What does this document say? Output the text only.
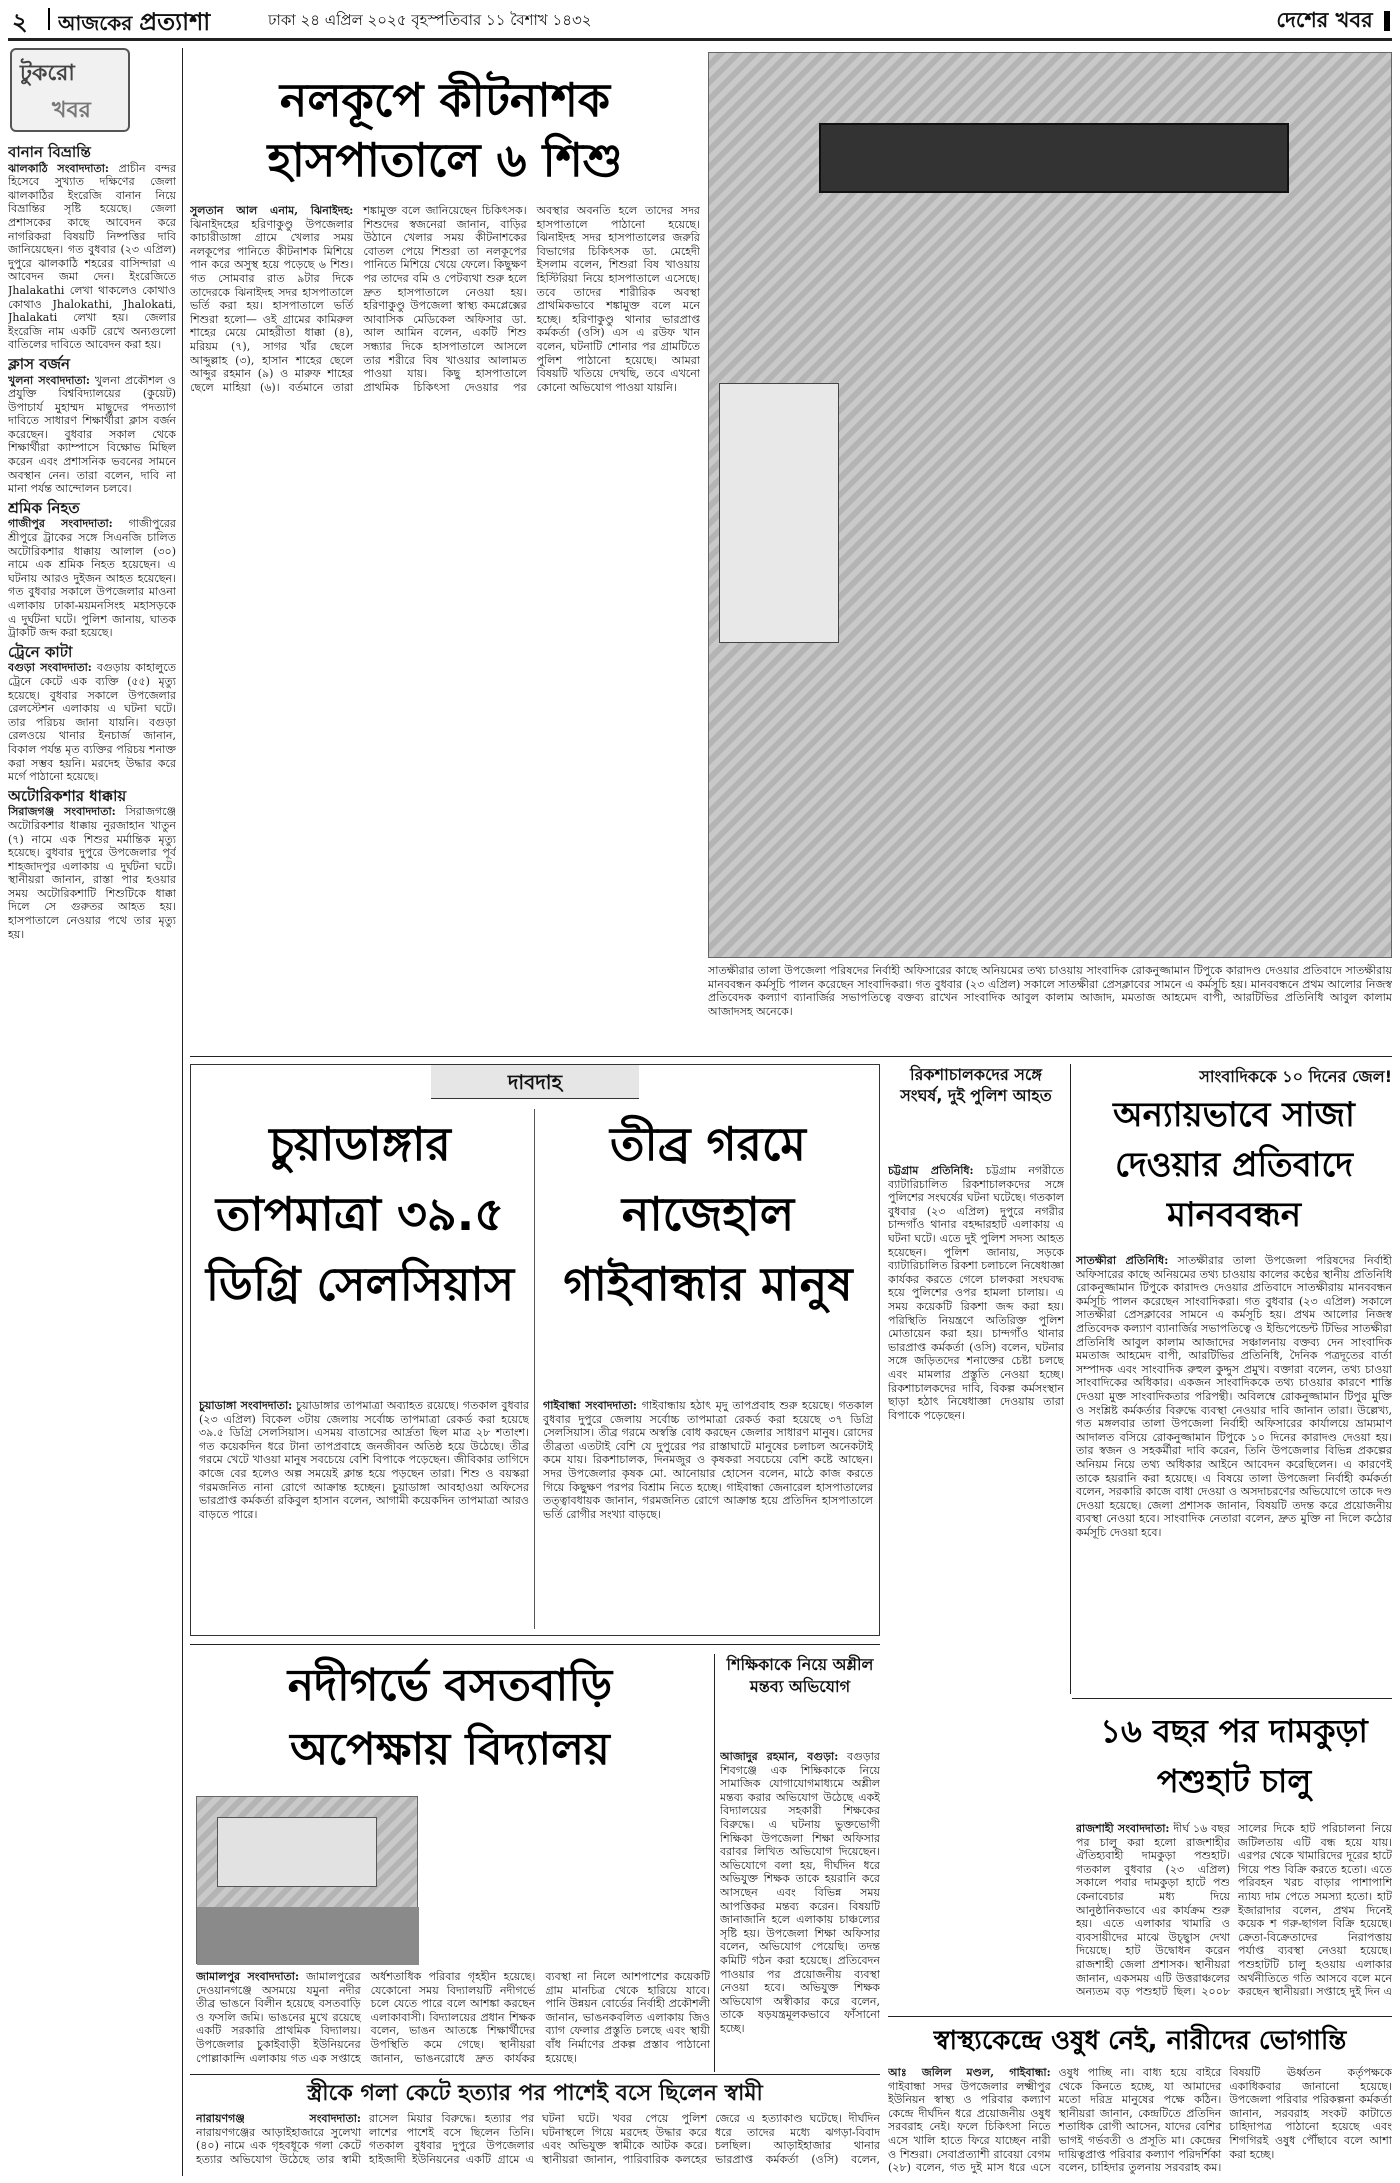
২	আজকের প্রত্যাশা	ঢাকা ২৪ এপ্রিল ২০২৫ বৃহস্পতিবার ১১ বৈশাখ ১৪৩২	দেশের খবর
টুকরো
খবর
বানান বিভ্রান্তি

ঝালকাঠি সংবাদদাতা: প্রাচীন বন্দর হিসেবে সুখ্যাত দক্ষিণের জেলা ঝালকাঠির ইংরেজি বানান নিয়ে বিভ্রান্তির সৃষ্টি হয়েছে। জেলা প্রশাসকের কাছে আবেদন করে নাগরিকরা বিষয়টি নিষ্পত্তির দাবি জানিয়েছেন। গত বুধবার (২৩ এপ্রিল) দুপুরে ঝালকাঠি শহরের বাসিন্দারা এ আবেদন জমা দেন। ইংরেজিতে Jhalakathi লেখা থাকলেও কোথাও কোথাও Jhalokathi, Jhalokati, Jhalakati লেখা হয়। জেলার ইংরেজি নাম একটি রেখে অন্যগুলো বাতিলের দাবিতে আবেদন করা হয়।

ক্লাস বর্জন

খুলনা সংবাদদাতা: খুলনা প্রকৌশল ও প্রযুক্তি বিশ্ববিদ্যালয়ের (কুয়েট) উপাচার্য মুহাম্মদ মাছুদের পদত্যাগ দাবিতে সাধারণ শিক্ষার্থীরা ক্লাস বর্জন করেছেন। বুধবার সকাল থেকে শিক্ষার্থীরা ক্যাম্পাসে বিক্ষোভ মিছিল করেন এবং প্রশাসনিক ভবনের সামনে অবস্থান নেন। তারা বলেন, দাবি না মানা পর্যন্ত আন্দোলন চলবে।

শ্রমিক নিহত

গাজীপুর সংবাদদাতা: গাজীপুরের শ্রীপুরে ট্রাকের সঙ্গে সিএনজি চালিত অটোরিকশার ধাক্কায় আলাল (৩০) নামে এক শ্রমিক নিহত হয়েছেন। এ ঘটনায় আরও দুইজন আহত হয়েছেন। গত বুধবার সকালে উপজেলার মাওনা এলাকায় ঢাকা-ময়মনসিংহ মহাসড়কে এ দুর্ঘটনা ঘটে। পুলিশ জানায়, ঘাতক ট্রাকটি জব্দ করা হয়েছে।

ট্রেনে কাটা

বগুড়া সংবাদদাতা: বগুড়ায় কাহালুতে ট্রেনে কেটে এক ব্যক্তি (৫৫) মৃত্যু হয়েছে। বুধবার সকালে উপজেলার রেলস্টেশন এলাকায় এ ঘটনা ঘটে। তার পরিচয় জানা যায়নি। বগুড়া রেলওয়ে থানার ইনচার্জ জানান, বিকাল পর্যন্ত মৃত ব্যক্তির পরিচয় শনাক্ত করা সম্ভব হয়নি। মরদেহ উদ্ধার করে মর্গে পাঠানো হয়েছে।

অটোরিকশার ধাক্কায়

সিরাজগঞ্জ সংবাদদাতা: সিরাজগঞ্জে অটোরিকশার ধাক্কায় নুরজাহান খাতুন (৭) নামে এক শিশুর মর্মান্তিক মৃত্যু হয়েছে। বুধবার দুপুরে উপজেলার পূর্ব শাহজাদপুর এলাকায় এ দুর্ঘটনা ঘটে। স্থানীয়রা জানান, রাস্তা পার হওয়ার সময় অটোরিকশাটি শিশুটিকে ধাক্কা দিলে সে গুরুতর আহত হয়। হাসপাতালে নেওয়ার পথে তার মৃত্যু হয়।

নলকূপে কীটনাশক
হাসপাতালে ৬ শিশু

সুলতান আল এনাম, ঝিনাইদহ: ঝিনাইদহের হরিণাকুণ্ডু উপজেলার কাচারীডাঙ্গা গ্রামে খেলার সময় নলকূপের পানিতে কীটনাশক মিশিয়ে পান করে অসুস্থ হয়ে পড়েছে ৬ শিশু। গত সোমবার রাত ৯টার দিকে তাদেরকে ঝিনাইদহ সদর হাসপাতালে ভর্তি করা হয়। হাসপাতালে ভর্তি শিশুরা হলো— ওই গ্রামের কামিরুল শাহের মেয়ে মোহরীতা ধাক্কা (৪), মরিয়ম (৭), সাগর খাঁর ছেলে আব্দুল্লাহ (৩), হাসান শাহের ছেলে আব্দুর রহমান (৯) ও মারুফ শাহের ছেলে মাহিয়া (৬)। বর্তমানে তারা শঙ্কামুক্ত বলে জানিয়েছেন চিকিৎসক। শিশুদের স্বজনেরা জানান, বাড়ির উঠানে খেলার সময় কীটনাশকের বোতল পেয়ে শিশুরা তা নলকূপের পানিতে মিশিয়ে খেয়ে ফেলে। কিছুক্ষণ পর তাদের বমি ও পেটব্যথা শুরু হলে দ্রুত হাসপাতালে নেওয়া হয়। হরিণাকুণ্ডু উপজেলা স্বাস্থ্য কমপ্লেক্সের আবাসিক মেডিকেল অফিসার ডা. আল আমিন বলেন, একটি শিশু সন্ধ্যার দিকে হাসপাতালে আসলে তার শরীরে বিষ খাওয়ার আলামত পাওয়া যায়। কিছু হাসপাতালে প্রাথমিক চিকিৎসা দেওয়ার পর অবস্থার অবনতি হলে তাদের সদর হাসপাতালে পাঠানো হয়েছে। ঝিনাইদহ সদর হাসপাতালের জরুরি বিভাগের চিকিৎসক ডা. মেহেদী ইসলাম বলেন, শিশুরা বিষ খাওয়ায় হিস্টিরিয়া নিয়ে হাসপাতালে এসেছে। তবে তাদের শারীরিক অবস্থা প্রাথমিকভাবে শঙ্কামুক্ত বলে মনে হচ্ছে। হরিণাকুণ্ডু থানার ভারপ্রাপ্ত কর্মকর্তা (ওসি) এস এ রউফ খান বলেন, ঘটনাটি শোনার পর গ্রামটিতে পুলিশ পাঠানো হয়েছে। আমরা বিষয়টি খতিয়ে দেখছি, তবে এখনো কোনো অভিযোগ পাওয়া যায়নি।

সাতক্ষীরার তালা উপজেলা পরিষদের নির্বাহী অফিসারের কাছে অনিয়মের তথ্য চাওয়ায় সাংবাদিক রোকনুজ্জামান টিপুকে কারাদণ্ড দেওয়ার প্রতিবাদে সাতক্ষীরায় মানববন্ধন কর্মসূচি পালন করেছেন সাংবাদিকরা। গত বুধবার (২৩ এপ্রিল) সকালে সাতক্ষীরা প্রেসক্লাবের সামনে এ কর্মসূচি হয়। মানববন্ধনে প্রথম আলোর নিজস্ব প্রতিবেদক কল্যাণ ব্যানার্জির সভাপতিত্বে বক্তব্য রাখেন সাংবাদিক আবুল কালাম আজাদ, মমতাজ আহমেদ বাপী, আরটিভির প্রতিনিধি আবুল কালাম আজাদসহ অনেকে।
দাবদাহ
চুয়াডাঙ্গার তাপমাত্রা ৩৯.৫ ডিগ্রি সেলসিয়াস

চুয়াডাঙ্গা সংবাদদাতা: চুয়াডাঙ্গার তাপমাত্রা অব্যাহত রয়েছে। গতকাল বুধবার (২৩ এপ্রিল) বিকেল ৩টায় জেলায় সর্বোচ্চ তাপমাত্রা রেকর্ড করা হয়েছে ৩৯.৫ ডিগ্রি সেলসিয়াস। এসময় বাতাসের আর্দ্রতা ছিল মাত্র ২৮ শতাংশ। গত কয়েকদিন ধরে টানা তাপপ্রবাহে জনজীবন অতিষ্ঠ হয়ে উঠেছে। তীব্র গরমে খেটে খাওয়া মানুষ সবচেয়ে বেশি বিপাকে পড়েছেন। জীবিকার তাগিদে কাজে বের হলেও অল্প সময়েই ক্লান্ত হয়ে পড়ছেন তারা। শিশু ও বয়স্করা গরমজনিত নানা রোগে আক্রান্ত হচ্ছেন। চুয়াডাঙ্গা আবহাওয়া অফিসের ভারপ্রাপ্ত কর্মকর্তা রকিবুল হাসান বলেন, আগামী কয়েকদিন তাপমাত্রা আরও বাড়তে পারে।

তীব্র গরমে নাজেহাল গাইবান্ধার মানুষ

গাইবান্ধা সংবাদদাতা: গাইবান্ধায় হঠাৎ মৃদু তাপপ্রবাহ শুরু হয়েছে। গতকাল বুধবার দুপুরে জেলায় সর্বোচ্চ তাপমাত্রা রেকর্ড করা হয়েছে ৩৭ ডিগ্রি সেলসিয়াস। তীব্র গরমে অস্বস্তি বোধ করছেন জেলার সাধারণ মানুষ। রোদের তীব্রতা এতটাই বেশি যে দুপুরের পর রাস্তাঘাটে মানুষের চলাচল অনেকটাই কমে যায়। রিকশাচালক, দিনমজুর ও কৃষকরা সবচেয়ে বেশি কষ্টে আছেন। সদর উপজেলার কৃষক মো. আনোয়ার হোসেন বলেন, মাঠে কাজ করতে গিয়ে কিছুক্ষণ পরপর বিশ্রাম নিতে হচ্ছে। গাইবান্ধা জেনারেল হাসপাতালের তত্ত্বাবধায়ক জানান, গরমজনিত রোগে আক্রান্ত হয়ে প্রতিদিন হাসপাতালে ভর্তি রোগীর সংখ্যা বাড়ছে।

রিকশাচালকদের সঙ্গে সংঘর্ষ, দুই পুলিশ আহত

চট্টগ্রাম প্রতিনিধি: চট্টগ্রাম নগরীতে ব্যাটারিচালিত রিকশাচালকদের সঙ্গে পুলিশের সংঘর্ষের ঘটনা ঘটেছে। গতকাল বুধবার (২৩ এপ্রিল) দুপুরে নগরীর চান্দগাঁও থানার বহদ্দারহাট এলাকায় এ ঘটনা ঘটে। এতে দুই পুলিশ সদস্য আহত হয়েছেন। পুলিশ জানায়, সড়কে ব্যাটারিচালিত রিকশা চলাচলে নিষেধাজ্ঞা কার্যকর করতে গেলে চালকরা সংঘবদ্ধ হয়ে পুলিশের ওপর হামলা চালায়। এ সময় কয়েকটি রিকশা জব্দ করা হয়। পরিস্থিতি নিয়ন্ত্রণে অতিরিক্ত পুলিশ মোতায়েন করা হয়। চান্দগাঁও থানার ভারপ্রাপ্ত কর্মকর্তা (ওসি) বলেন, ঘটনার সঙ্গে জড়িতদের শনাক্তের চেষ্টা চলছে এবং মামলার প্রস্তুতি নেওয়া হচ্ছে। রিকশাচালকদের দাবি, বিকল্প কর্মসংস্থান ছাড়া হঠাৎ নিষেধাজ্ঞা দেওয়ায় তারা বিপাকে পড়েছেন।

সাংবাদিককে ১০ দিনের জেল!
অন্যায়ভাবে সাজা
দেওয়ার প্রতিবাদে
মানববন্ধন

সাতক্ষীরা প্রতিনিধি: সাতক্ষীরার তালা উপজেলা পরিষদের নির্বাহী অফিসারের কাছে অনিয়মের তথ্য চাওয়ায় কালের কণ্ঠের স্থানীয় প্রতিনিধি রোকনুজ্জামান টিপুকে কারাদণ্ড দেওয়ার প্রতিবাদে সাতক্ষীরায় মানববন্ধন কর্মসূচি পালন করেছেন সাংবাদিকরা। গত বুধবার (২৩ এপ্রিল) সকালে সাতক্ষীরা প্রেসক্লাবের সামনে এ কর্মসূচি হয়। প্রথম আলোর নিজস্ব প্রতিবেদক কল্যাণ ব্যানার্জির সভাপতিত্বে ও ইন্ডিপেন্ডেন্ট টিভির সাতক্ষীরা প্রতিনিধি আবুল কালাম আজাদের সঞ্চালনায় বক্তব্য দেন সাংবাদিক মমতাজ আহমেদ বাপী, আরটিভির প্রতিনিধি, দৈনিক পত্রদূতের বার্তা সম্পাদক এবং সাংবাদিক রুহুল কুদ্দুস প্রমুখ। বক্তারা বলেন, তথ্য চাওয়া সাংবাদিকের অধিকার। একজন সাংবাদিককে তথ্য চাওয়ার কারণে শাস্তি দেওয়া মুক্ত সাংবাদিকতার পরিপন্থী। অবিলম্বে রোকনুজ্জামান টিপুর মুক্তি ও সংশ্লিষ্ট কর্মকর্তার বিরুদ্ধে ব্যবস্থা নেওয়ার দাবি জানান তারা। উল্লেখ্য, গত মঙ্গলবার তালা উপজেলা নির্বাহী অফিসারের কার্যালয়ে ভ্রাম্যমাণ আদালত বসিয়ে রোকনুজ্জামান টিপুকে ১০ দিনের কারাদণ্ড দেওয়া হয়। তার স্বজন ও সহকর্মীরা দাবি করেন, তিনি উপজেলার বিভিন্ন প্রকল্পের অনিয়ম নিয়ে তথ্য অধিকার আইনে আবেদন করেছিলেন। এ কারণেই তাকে হয়রানি করা হয়েছে। এ বিষয়ে তালা উপজেলা নির্বাহী কর্মকর্তা বলেন, সরকারি কাজে বাধা দেওয়া ও অসদাচরণের অভিযোগে তাকে দণ্ড দেওয়া হয়েছে। জেলা প্রশাসক জানান, বিষয়টি তদন্ত করে প্রয়োজনীয় ব্যবস্থা নেওয়া হবে। সাংবাদিক নেতারা বলেন, দ্রুত মুক্তি না দিলে কঠোর কর্মসূচি দেওয়া হবে।

নদীগর্ভে বসতবাড়ি
অপেক্ষায় বিদ্যালয়

জামালপুর সংবাদদাতা: জামালপুরের দেওয়ানগঞ্জে অসময়ে যমুনা নদীর তীব্র ভাঙনে বিলীন হয়েছে বসতবাড়ি ও ফসলি জমি। ভাঙনের মুখে রয়েছে একটি সরকারি প্রাথমিক বিদ্যালয়। উপজেলার চুকাইবাড়ী ইউনিয়নের পোল্লাকান্দি এলাকায় গত এক সপ্তাহে অর্ধশতাধিক পরিবার গৃহহীন হয়েছে। যেকোনো সময় বিদ্যালয়টি নদীগর্ভে চলে যেতে পারে বলে আশঙ্কা করছেন এলাকাবাসী। বিদ্যালয়ের প্রধান শিক্ষক বলেন, ভাঙন আতঙ্কে শিক্ষার্থীদের উপস্থিতি কমে গেছে। স্থানীয়রা জানান, ভাঙনরোধে দ্রুত কার্যকর ব্যবস্থা না নিলে আশপাশের কয়েকটি গ্রাম মানচিত্র থেকে হারিয়ে যাবে। পানি উন্নয়ন বোর্ডের নির্বাহী প্রকৌশলী জানান, ভাঙনকবলিত এলাকায় জিও ব্যাগ ফেলার প্রস্তুতি চলছে এবং স্থায়ী বাঁধ নির্মাণের প্রকল্প প্রস্তাব পাঠানো হয়েছে।

শিক্ষিকাকে নিয়ে অশ্লীল মন্তব্য অভিযোগ

আজাদুর রহমান, বগুড়া: বগুড়ার শিবগঞ্জে এক শিক্ষিকাকে নিয়ে সামাজিক যোগাযোগমাধ্যমে অশ্লীল মন্তব্য করার অভিযোগ উঠেছে একই বিদ্যালয়ের সহকারী শিক্ষকের বিরুদ্ধে। এ ঘটনায় ভুক্তভোগী শিক্ষিকা উপজেলা শিক্ষা অফিসার বরাবর লিখিত অভিযোগ দিয়েছেন। অভিযোগে বলা হয়, দীর্ঘদিন ধরে অভিযুক্ত শিক্ষক তাকে হয়রানি করে আসছেন এবং বিভিন্ন সময় আপত্তিকর মন্তব্য করেন। বিষয়টি জানাজানি হলে এলাকায় চাঞ্চল্যের সৃষ্টি হয়। উপজেলা শিক্ষা অফিসার বলেন, অভিযোগ পেয়েছি। তদন্ত কমিটি গঠন করা হয়েছে। প্রতিবেদন পাওয়ার পর প্রয়োজনীয় ব্যবস্থা নেওয়া হবে। অভিযুক্ত শিক্ষক অভিযোগ অস্বীকার করে বলেন, তাকে ষড়যন্ত্রমূলকভাবে ফাঁসানো হচ্ছে।

১৬ বছর পর দামকুড়া
পশুহাট চালু

রাজশাহী সংবাদদাতা: দীর্ঘ ১৬ বছর পর চালু করা হলো রাজশাহীর ঐতিহ্যবাহী দামকুড়া পশুহাট। গতকাল বুধবার (২৩ এপ্রিল) সকালে পবার দামকুড়া হাটে পশু কেনাবেচার মধ্য দিয়ে আনুষ্ঠানিকভাবে এর কার্যক্রম শুরু হয়। এতে এলাকার খামারি ও ব্যবসায়ীদের মাঝে উচ্ছ্বাস দেখা দিয়েছে। হাট উদ্বোধন করেন রাজশাহী জেলা প্রশাসক। স্থানীয়রা জানান, একসময় এটি উত্তরাঞ্চলের অন্যতম বড় পশুহাট ছিল। ২০০৮ সালের দিকে হাট পরিচালনা নিয়ে জটিলতায় এটি বন্ধ হয়ে যায়। এরপর থেকে খামারিদের দূরের হাটে গিয়ে পশু বিক্রি করতে হতো। এতে পরিবহন খরচ বাড়ার পাশাপাশি ন্যায্য দাম পেতে সমস্যা হতো। হাট ইজারাদার বলেন, প্রথম দিনেই কয়েক শ গরু-ছাগল বিক্রি হয়েছে। ক্রেতা-বিক্রেতাদের নিরাপত্তায় পর্যাপ্ত ব্যবস্থা নেওয়া হয়েছে। পশুহাটটি চালু হওয়ায় এলাকার অর্থনীতিতে গতি আসবে বলে মনে করছেন স্থানীয়রা। সপ্তাহে দুই দিন এ

স্বাস্থ্যকেন্দ্রে ওষুধ নেই, নারীদের ভোগান্তি

আঃ জলিল মণ্ডল, গাইবান্ধা: গাইবান্ধা সদর উপজেলার লক্ষ্মীপুর ইউনিয়ন স্বাস্থ্য ও পরিবার কল্যাণ কেন্দ্রে দীর্ঘদিন ধরে প্রয়োজনীয় ওষুধ সরবরাহ নেই। ফলে চিকিৎসা নিতে এসে খালি হাতে ফিরে যাচ্ছেন নারী ও শিশুরা। সেবাপ্রত্যাশী রাবেয়া বেগম (২৮) বলেন, গত দুই মাস ধরে এসে ওষুধ পাচ্ছি না। বাধ্য হয়ে বাইরে থেকে কিনতে হচ্ছে, যা আমাদের মতো দরিদ্র মানুষের পক্ষে কঠিন। স্থানীয়রা জানান, কেন্দ্রটিতে প্রতিদিন শতাধিক রোগী আসেন, যাদের বেশির ভাগই গর্ভবতী ও প্রসূতি মা। কেন্দ্রের দায়িত্বপ্রাপ্ত পরিবার কল্যাণ পরিদর্শিকা বলেন, চাহিদার তুলনায় সরবরাহ কম। বিষয়টি ঊর্ধ্বতন কর্তৃপক্ষকে একাধিকবার জানানো হয়েছে। উপজেলা পরিবার পরিকল্পনা কর্মকর্তা জানান, সরবরাহ সংকট কাটাতে চাহিদাপত্র পাঠানো হয়েছে এবং শিগগিরই ওষুধ পৌঁছাবে বলে আশা করা হচ্ছে।

স্ত্রীকে গলা কেটে হত্যার পর পাশেই বসে ছিলেন স্বামী

নারায়ণগঞ্জ সংবাদদাতা: নারায়ণগঞ্জের আড়াইহাজারে সুলেখা (৪০) নামে এক গৃহবধূকে গলা কেটে হত্যার অভিযোগ উঠেছে তার স্বামী রাসেল মিয়ার বিরুদ্ধে। হত্যার পর লাশের পাশেই বসে ছিলেন তিনি। গতকাল বুধবার দুপুরে উপজেলার হাইজাদী ইউনিয়নের একটি গ্রামে এ ঘটনা ঘটে। খবর পেয়ে পুলিশ ঘটনাস্থলে গিয়ে মরদেহ উদ্ধার করে এবং অভিযুক্ত স্বামীকে আটক করে। স্থানীয়রা জানান, পারিবারিক কলহের জেরে এ হত্যাকাণ্ড ঘটেছে। দীর্ঘদিন ধরে তাদের মধ্যে ঝগড়া-বিবাদ চলছিল। আড়াইহাজার থানার ভারপ্রাপ্ত কর্মকর্তা (ওসি) বলেন,
